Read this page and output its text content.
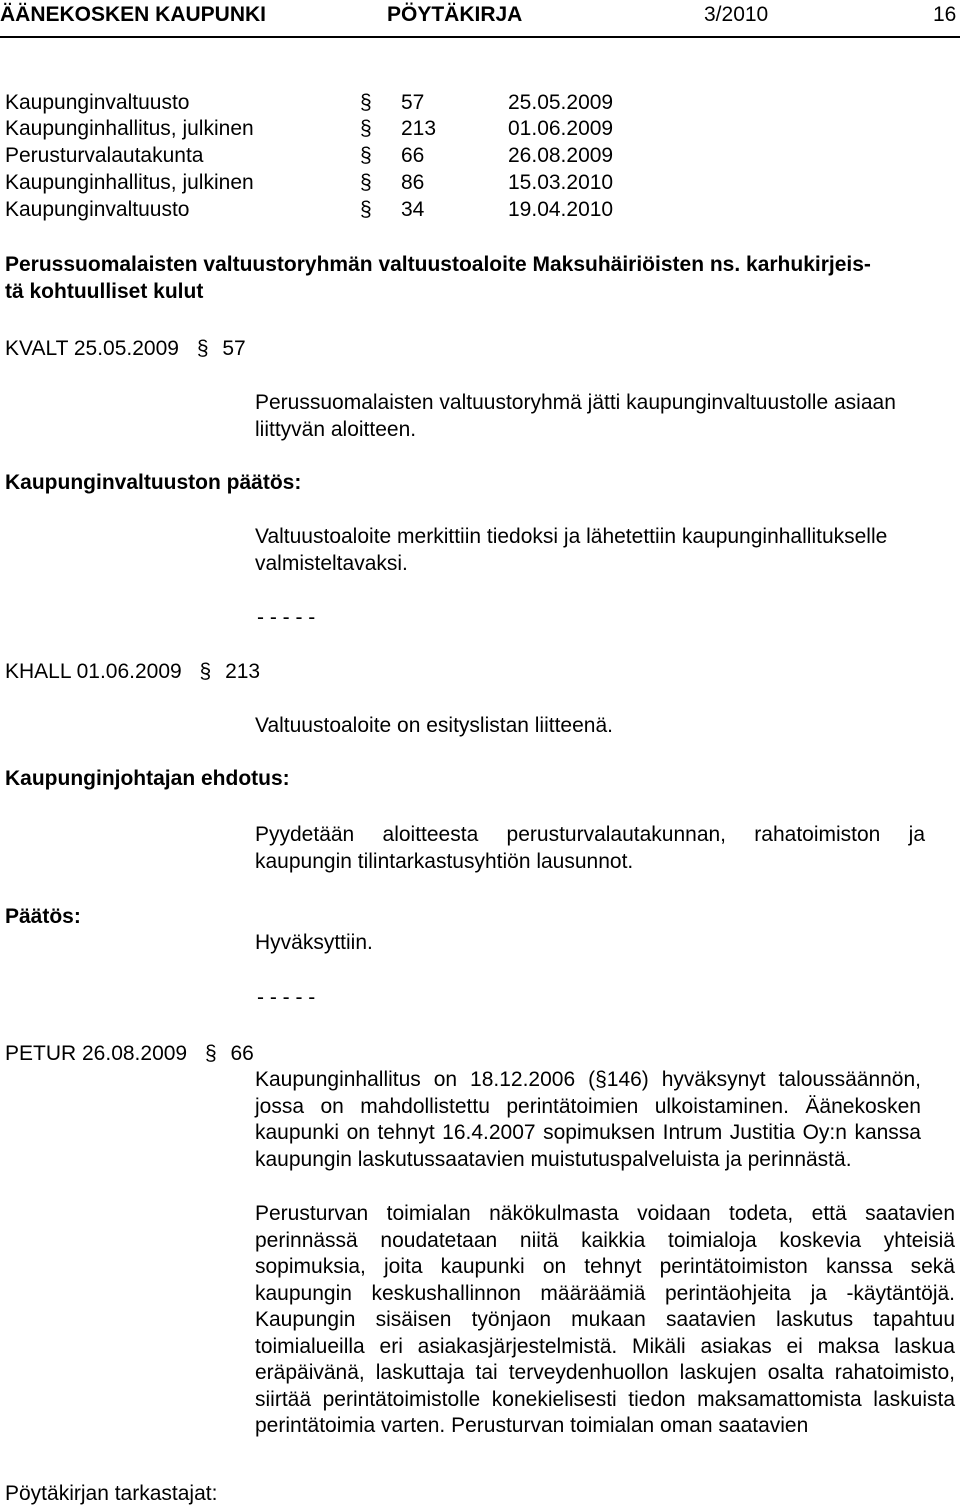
ÄÄNEKOSKEN KAUPUNKI	PÖYTÄKIRJA	3/2010	16
Kaupunginvaltuusto	§ 57	25.05.2009
Kaupunginhallitus, julkinen	§ 213	01.06.2009
Perusturvalautakunta	§ 66	26.08.2009
Kaupunginhallitus, julkinen	§ 86	15.03.2010
Kaupunginvaltuusto	§ 34	19.04.2010
Perussuomalaisten valtuustoryhmän valtuustoaloite Maksuhäiriöisten ns. karhukirjeis-
tä kohtuulliset kulut
KVALT 25.05.2009 § 57
Perussuomalaisten valtuustoryhmä jätti kaupunginvaltuustolle asiaan liittyvän aloitteen.
Kaupunginvaltuuston päätös:
Valtuustoaloite merkittiin tiedoksi ja lähetettiin kaupunginhallitukselle valmisteltavaksi.
- - - - -
KHALL 01.06.2009 § 213
Valtuustoaloite on esityslistan liitteenä.
Kaupunginjohtajan ehdotus:
Pyydetään aloitteesta perusturvalautakunnan, rahatoimiston ja kaupungin tilintarkastusyhtiön lausunnot.
Päätös:
Hyväksyttiin.
- - - - -
PETUR 26.08.2009 § 66
Kaupunginhallitus on 18.12.2006 (§146) hyväksynyt taloussäännön, jossa on mahdollistettu perintätoimien ulkoistaminen. Äänekosken kaupunki on tehnyt 16.4.2007 sopimuksen Intrum Justitia Oy:n kanssa kaupungin laskutussaatavien muistutuspalveluista ja perinnästä.
Perusturvan toimialan näkökulmasta voidaan todeta, että saatavien perinnässä noudatetaan niitä kaikkia toimialoja koskevia yhteisiä sopimuksia, joita kaupunki on tehnyt perintätoimiston kanssa sekä kaupungin keskushallinnon määräämiä perintäohjeita ja -käytäntöjä. Kaupungin sisäisen työnjaon mukaan saatavien laskutus tapahtuu toimialueilla eri asiakasjärjestelmistä. Mikäli asiakas ei maksa laskua eräpäivänä, laskuttaja tai terveydenhuollon laskujen osalta rahatoimisto, siirtää perintätoimistolle konekielisesti tiedon maksamattomista laskuista perintätoimia varten. Perusturvan toimialan oman saatavien
Pöytäkirjan tarkastajat:
